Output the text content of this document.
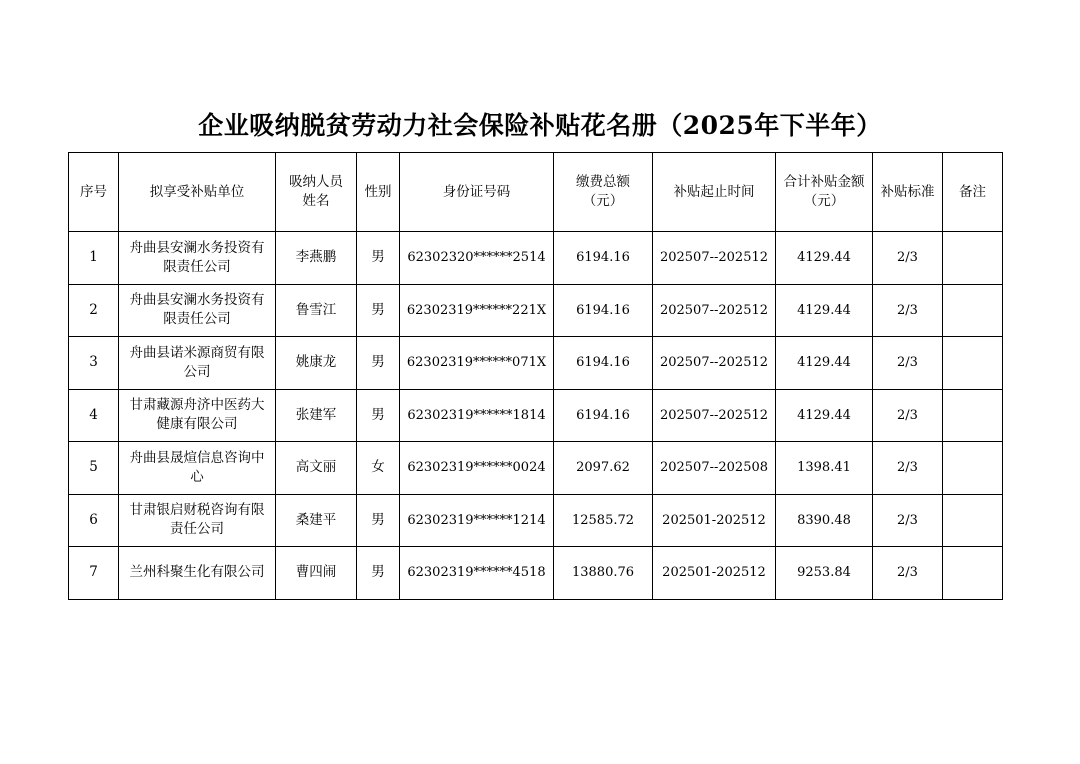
企业吸纳脱贫劳动力社会保险补贴花名册（2025年下半年）
序号	拟享受补贴单位	吸纳人员姓名	性别	身份证号码	缴费总额（元）	补贴起止时间	合计补贴金额（元）	补贴标准	备注
1	舟曲县安澜水务投资有限责任公司	李燕鹏	男	62302320******2514	6194.16	202507--202512	4129.44	2/3	
2	舟曲县安澜水务投资有限责任公司	鲁雪江	男	62302319******221X	6194.16	202507--202512	4129.44	2/3	
3	舟曲县诺米源商贸有限公司	姚康龙	男	62302319******071X	6194.16	202507--202512	4129.44	2/3	
4	甘肃藏源舟济中医药大健康有限公司	张建军	男	62302319******1814	6194.16	202507--202512	4129.44	2/3	
5	舟曲县晟煊信息咨询中心	高文丽	女	62302319******0024	2097.62	202507--202508	1398.41	2/3	
6	甘肃银启财税咨询有限责任公司	桑建平	男	62302319******1214	12585.72	202501-202512	8390.48	2/3	
7	兰州科聚生化有限公司	曹四闹	男	62302319******4518	13880.76	202501-202512	9253.84	2/3	
